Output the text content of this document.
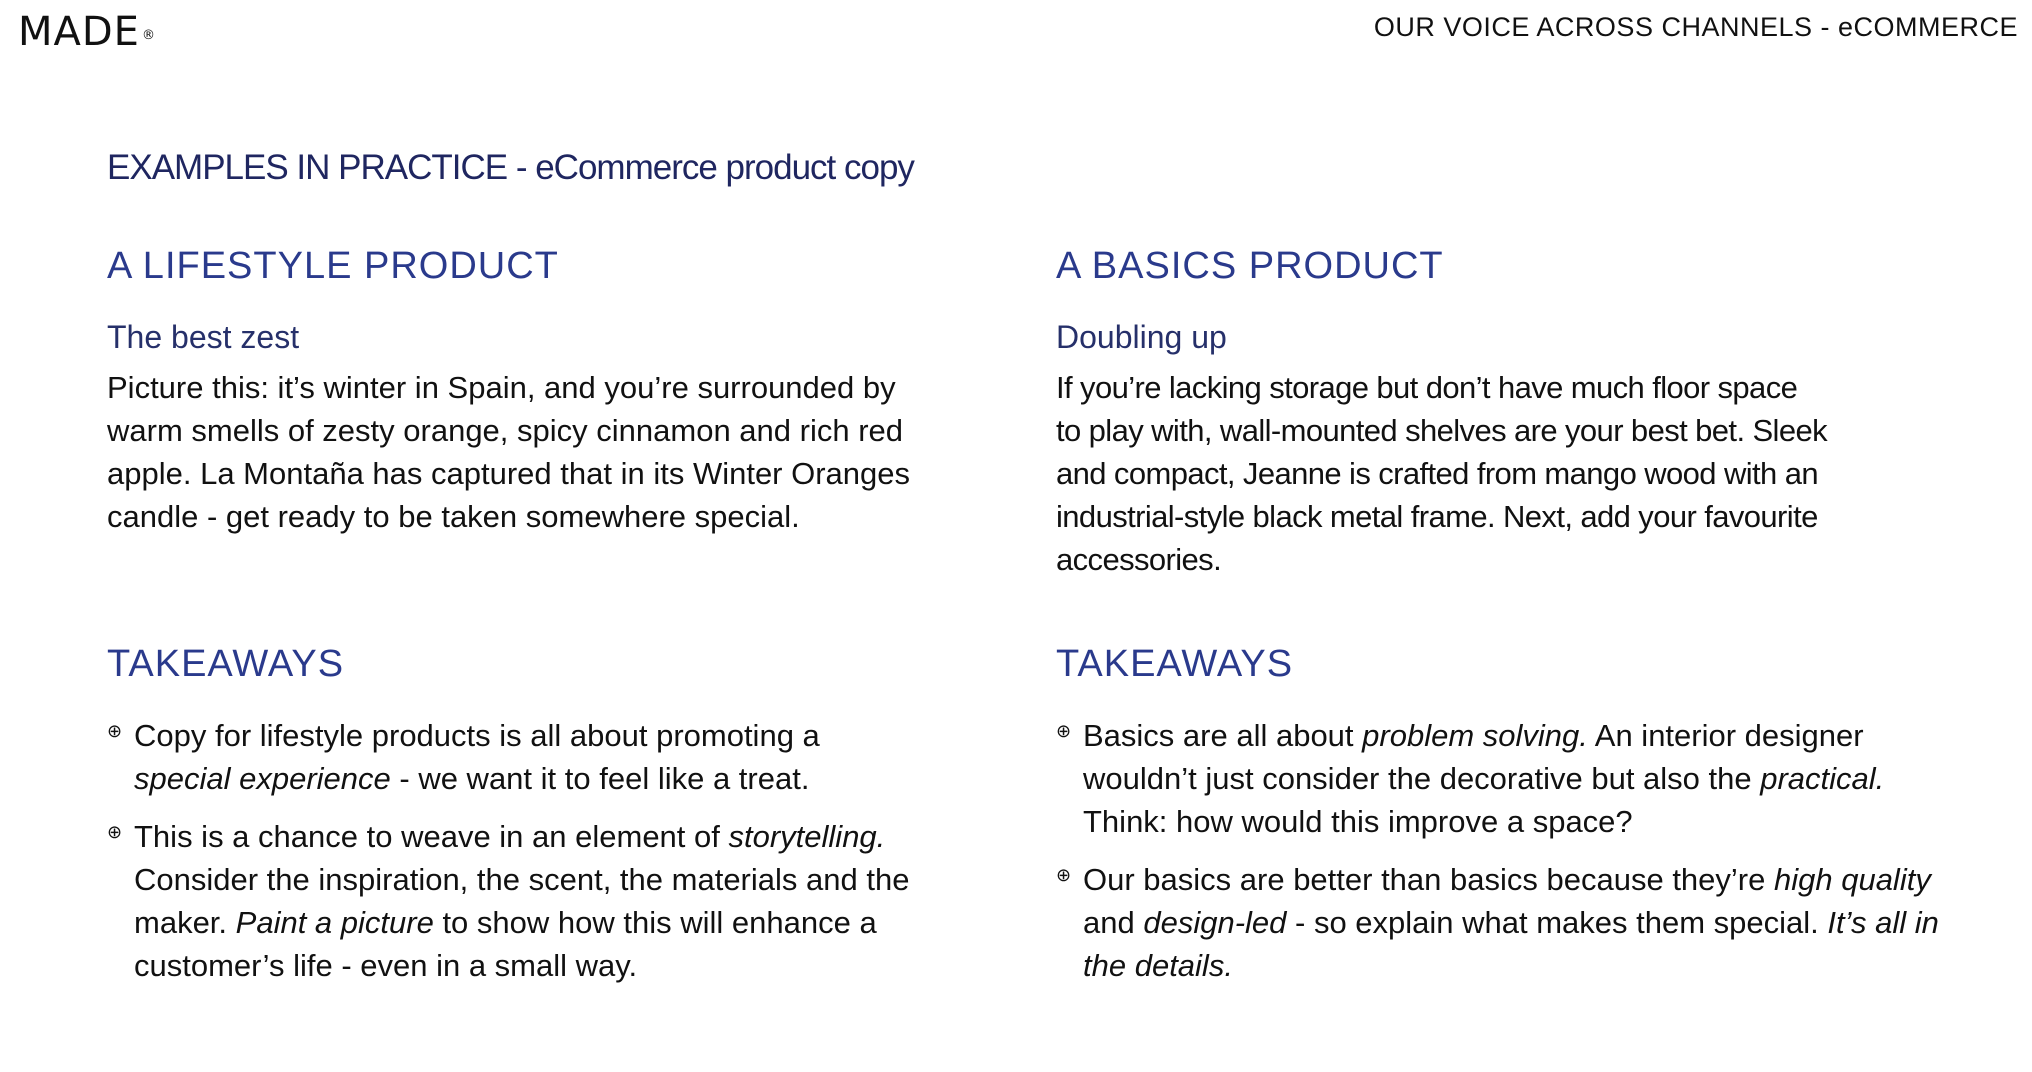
MADE ®	OUR VOICE ACROSS CHANNELS - eCOMMERCE
EXAMPLES IN PRACTICE - eCommerce product copy
A LIFESTYLE PRODUCT
The best zest
Picture this: it’s winter in Spain, and you’re surrounded by
warm smells of zesty orange, spicy cinnamon and rich red
apple. La Montaña has captured that in its Winter Oranges
candle - get ready to be taken somewhere special.
TAKEAWAYS
⊕ Copy for lifestyle products is all about promoting a
special experience - we want it to feel like a treat.
⊕ This is a chance to weave in an element of storytelling. Consider the inspiration, the scent, the materials and the maker. Paint a picture to show how this will enhance a customer’s life - even in a small way.
A BASICS PRODUCT
Doubling up
If you’re lacking storage but don’t have much floor space
to play with, wall-mounted shelves are your best bet. Sleek
and compact, Jeanne is crafted from mango wood with an
industrial-style black metal frame. Next, add your favourite
accessories.
TAKEAWAYS
⊕ Basics are all about problem solving. An interior designer wouldn’t just consider the decorative but also the practical. Think: how would this improve a space?
⊕ Our basics are better than basics because they’re high quality and design-led - so explain what makes them special. It’s all in the details.
